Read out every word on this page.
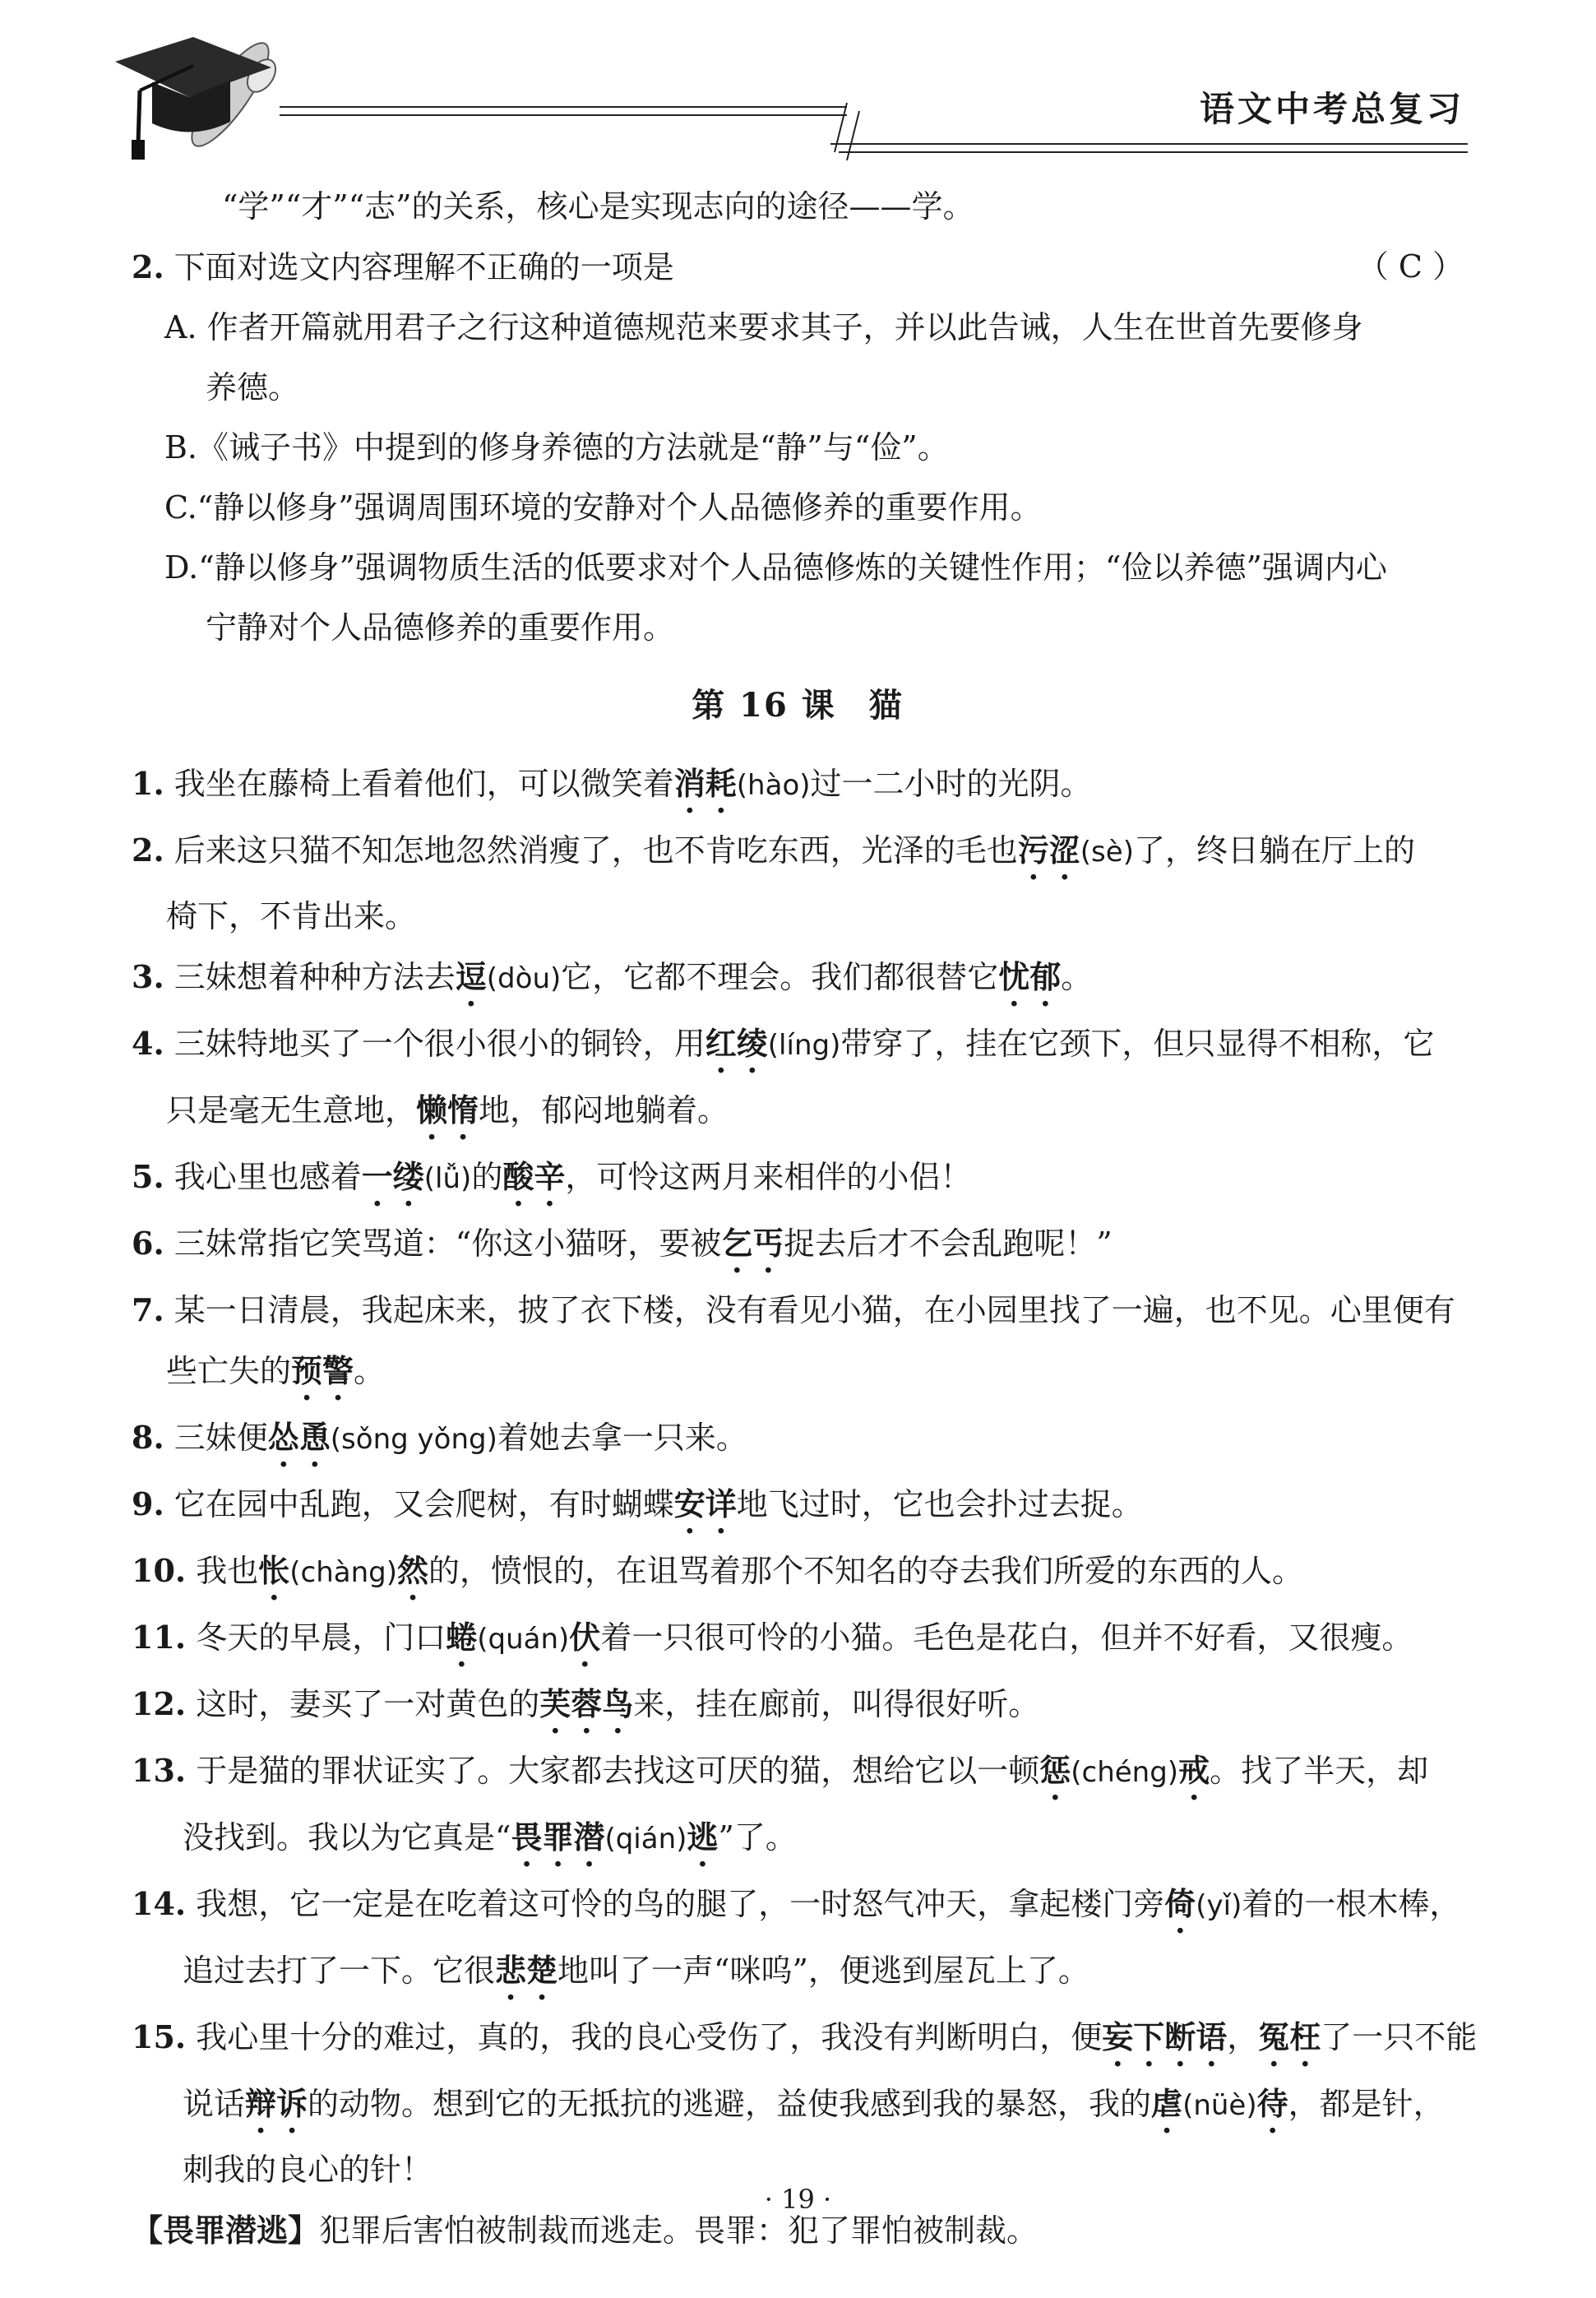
语文中考总复习
“学”“才”“志”的关系，核心是实现志向的途径——学。
2. 下面对选文内容理解不正确的一项是	（ C ）
A. 作者开篇就用君子之行这种道德规范来要求其子，并以此告诫，人生在世首先要修身
养德。
B.《诫子书》中提到的修身养德的方法就是“静”与“俭”。
C.“静以修身”强调周围环境的安静对个人品德修养的重要作用。
D.“静以修身”强调物质生活的低要求对个人品德修炼的关键性作用；“俭以养德”强调内心
宁静对个人品德修养的重要作用。
第 16 课 猫
1. 我坐在藤椅上看着他们，可以微笑着消耗(hào)过一二小时的光阴。
2. 后来这只猫不知怎地忽然消瘦了，也不肯吃东西，光泽的毛也污涩(sè)了，终日躺在厅上的
椅下，不肯出来。
3. 三妹想着种种方法去逗(dòu)它，它都不理会。我们都很替它忧郁。
4. 三妹特地买了一个很小很小的铜铃，用红绫(líng)带穿了，挂在它颈下，但只显得不相称，它
只是毫无生意地，懒惰地，郁闷地躺着。
5. 我心里也感着一缕(lǚ)的酸辛，可怜这两月来相伴的小侣！
6. 三妹常指它笑骂道：“你这小猫呀，要被乞丐捉去后才不会乱跑呢！”
7. 某一日清晨，我起床来，披了衣下楼，没有看见小猫，在小园里找了一遍，也不见。心里便有
些亡失的预警。
8. 三妹便怂恿(sǒng yǒng)着她去拿一只来。
9. 它在园中乱跑，又会爬树，有时蝴蝶安详地飞过时，它也会扑过去捉。
10. 我也怅(chàng)然的，愤恨的，在诅骂着那个不知名的夺去我们所爱的东西的人。
11. 冬天的早晨，门口蜷(quán)伏着一只很可怜的小猫。毛色是花白，但并不好看，又很瘦。
12. 这时，妻买了一对黄色的芙蓉鸟来，挂在廊前，叫得很好听。
13. 于是猫的罪状证实了。大家都去找这可厌的猫，想给它以一顿惩(chéng)戒。找了半天，却
没找到。我以为它真是“畏罪潜(qián)逃”了。
14. 我想，它一定是在吃着这可怜的鸟的腿了，一时怒气冲天，拿起楼门旁倚(yǐ)着的一根木棒，
追过去打了一下。它很悲楚地叫了一声“咪呜”，便逃到屋瓦上了。
15. 我心里十分的难过，真的，我的良心受伤了，我没有判断明白，便妄下断语，冤枉了一只不能
说话辩诉的动物。想到它的无抵抗的逃避，益使我感到我的暴怒，我的虐(nüè)待，都是针，
刺我的良心的针！
【畏罪潜逃】犯罪后害怕被制裁而逃走。畏罪：犯了罪怕被制裁。
· 19 ·
